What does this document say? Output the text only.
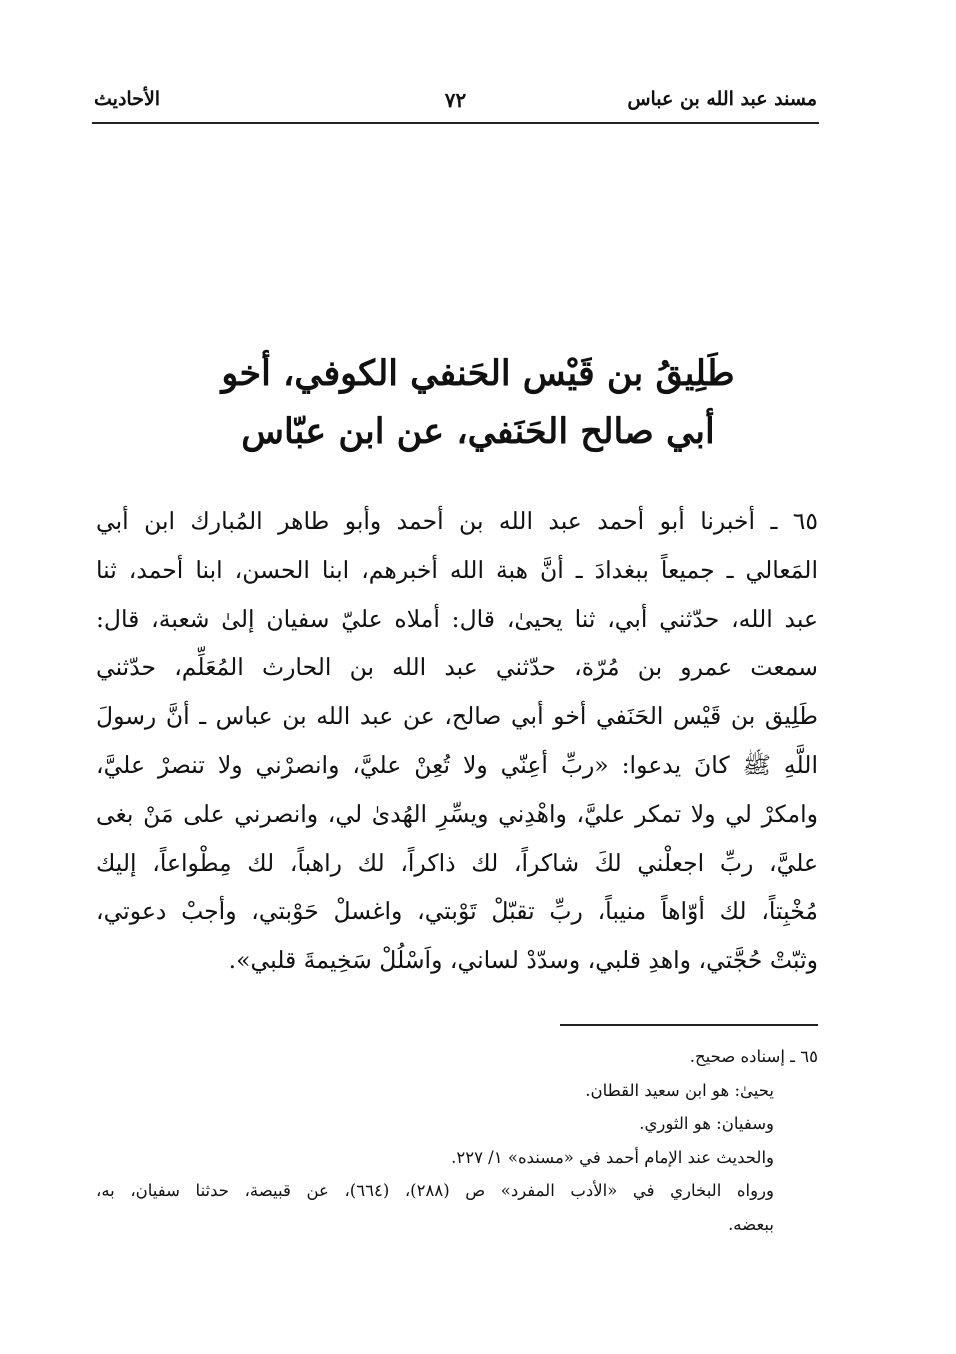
مسند عبد الله بن عباس
٧٢
الأحاديث
طَلِيقُ بن قَيْس الحَنفي الكوفي، أخو
أبي صالح الحَنَفي، عن ابن عبّاس
٦٥ ـ أخبرنا أبو أحمد عبد الله بن أحمد وأبو طاهر المُبارك ابن أبي
المَعالي ـ جميعاً ببغدادَ ـ أنَّ هبة الله أخبرهم، ابنا الحسن، ابنا أحمد، ثنا
عبد الله، حدّثني أبي، ثنا يحيىٰ، قال: أملاه عليّ سفيان إلىٰ شعبة، قال:
سمعت عمرو بن مُرّة، حدّثني عبد الله بن الحارث المُعَلِّم، حدّثني
طَلِيق بن قَيْس الحَنَفي أخو أبي صالح، عن عبد الله بن عباس ـ أنَّ رسولَ
اللَّهِ ﷺ كانَ يدعوا: «ربِّ أعِنّي ولا تُعِنْ عليَّ، وانصرْني ولا تنصرْ عليَّ،
وامكرْ لي ولا تمكر عليَّ، واهْدِني ويسِّرِ الهُدىٰ لي، وانصرني على مَنْ بغى
عليَّ، ربِّ اجعلْني لكَ شاكراً، لك ذاكراً، لك راهباً، لك مِطْواعاً، إليك
مُخْبِتاً، لك أوّاهاً منيباً، ربِّ تقبّلْ تَوْبتي، واغسلْ حَوْبتي، وأجبْ دعوتي،
وثبّتْ حُجَّتي، واهدِ قلبي، وسدّدْ لساني، واَسْلُلْ سَخِيمةَ قلبي».
٦٥ ـ إسناده صحيح.
يحيىٰ: هو ابن سعيد القطان.
وسفيان: هو الثوري.
والحديث عند الإمام أحمد في «مسنده» ١/ ٢٢٧.
ورواه البخاري في «الأدب المفرد» ص (٢٨٨)، (٦٦٤)، عن قبيصة، حدثنا سفيان، به،
ببعضه.
